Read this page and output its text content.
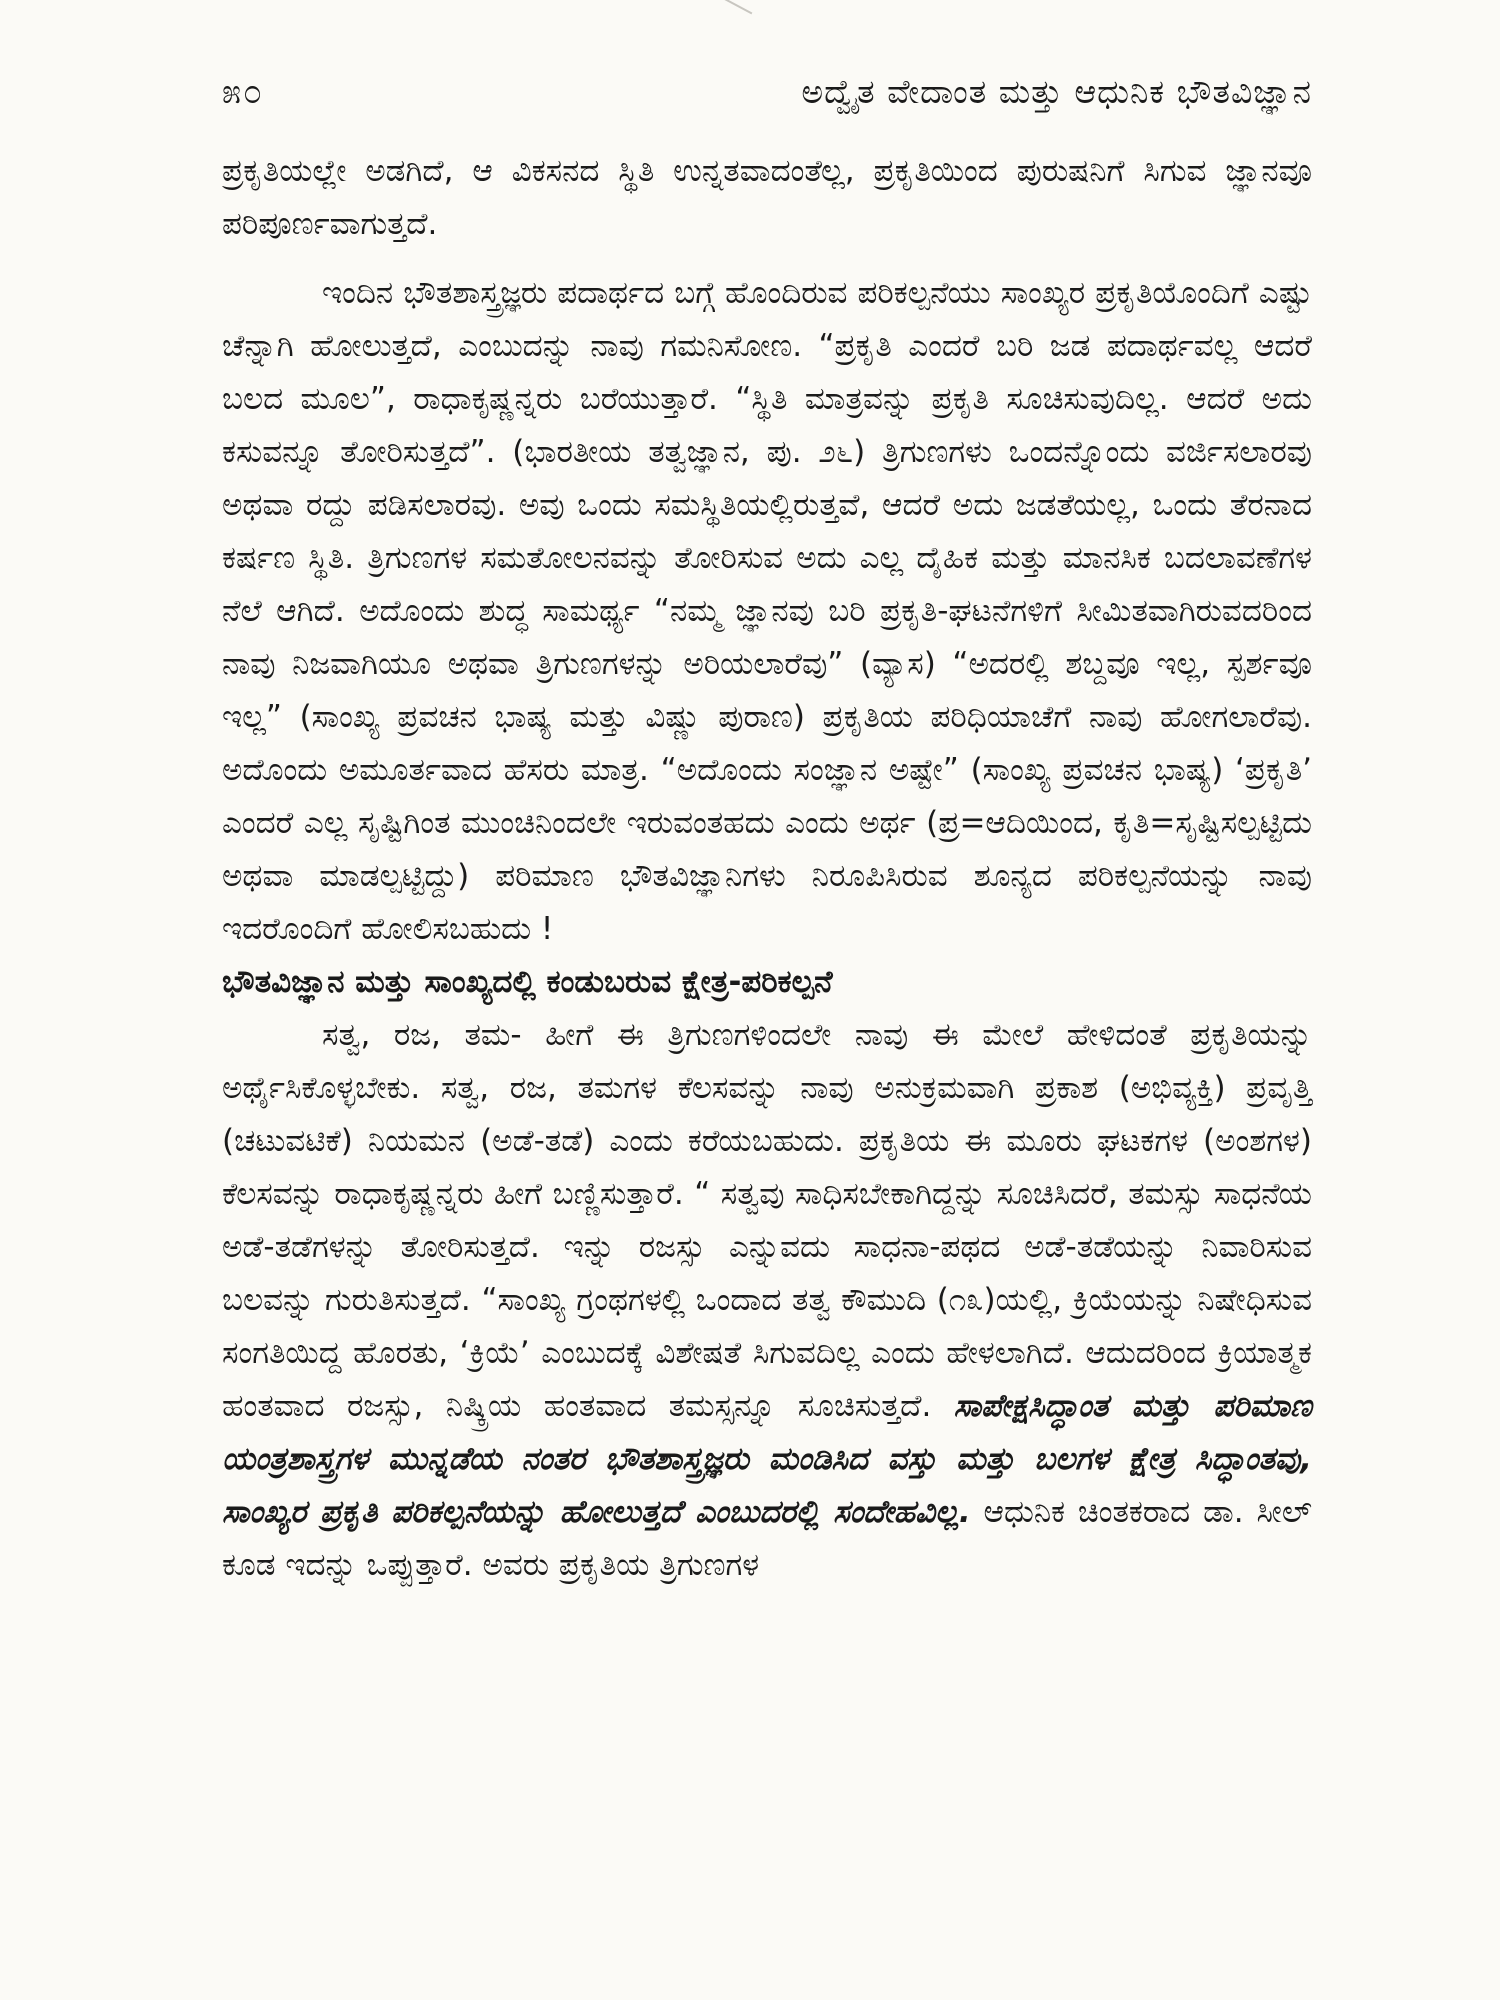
೫೦	ಅದ್ವೈತ ವೇದಾಂತ ಮತ್ತು ಆಧುನಿಕ ಭೌತವಿಜ್ಞಾನ

ಪ್ರಕೃತಿಯಲ್ಲೇ ಅಡಗಿದೆ, ಆ ವಿಕಸನದ ಸ್ಥಿತಿ ಉನ್ನತವಾದಂತೆಲ್ಲ, ಪ್ರಕೃತಿಯಿಂದ ಪುರುಷನಿಗೆ ಸಿಗುವ ಜ್ಞಾನವೂ ಪರಿಪೂರ್ಣವಾಗುತ್ತದೆ.

ಇಂದಿನ ಭೌತಶಾಸ್ತ್ರಜ್ಞರು ಪದಾರ್ಥದ ಬಗ್ಗೆ ಹೊಂದಿರುವ ಪರಿಕಲ್ಪನೆಯು ಸಾಂಖ್ಯರ ಪ್ರಕೃತಿಯೊಂದಿಗೆ ಎಷ್ಟು ಚೆನ್ನಾಗಿ ಹೋಲುತ್ತದೆ, ಎಂಬುದನ್ನು ನಾವು ಗಮನಿಸೋಣ. “ಪ್ರಕೃತಿ ಎಂದರೆ ಬರಿ ಜಡ ಪದಾರ್ಥವಲ್ಲ ಆದರೆ ಬಲದ ಮೂಲ”, ರಾಧಾಕೃಷ್ಣನ್ನರು ಬರೆಯುತ್ತಾರೆ. “ಸ್ಥಿತಿ ಮಾತ್ರವನ್ನು ಪ್ರಕೃತಿ ಸೂಚಿಸುವುದಿಲ್ಲ. ಆದರೆ ಅದು ಕಸುವನ್ನೂ ತೋರಿಸುತ್ತದೆ”. (ಭಾರತೀಯ ತತ್ವಜ್ಞಾನ, ಪು. ೨೬) ತ್ರಿಗುಣಗಳು ಒಂದನ್ನೊಂದು ವರ್ಜಿಸಲಾರವು ಅಥವಾ ರದ್ದು ಪಡಿಸಲಾರವು. ಅವು ಒಂದು ಸಮಸ್ಥಿತಿಯಲ್ಲಿರುತ್ತವೆ, ಆದರೆ ಅದು ಜಡತೆಯಲ್ಲ, ಒಂದು ತೆರನಾದ ಕರ್ಷಣ ಸ್ಥಿತಿ. ತ್ರಿಗುಣಗಳ ಸಮತೋಲನವನ್ನು ತೋರಿಸುವ ಅದು ಎಲ್ಲ ದೈಹಿಕ ಮತ್ತು ಮಾನಸಿಕ ಬದಲಾವಣೆಗಳ ನೆಲೆ ಆಗಿದೆ. ಅದೊಂದು ಶುದ್ಧ ಸಾಮರ್ಥ್ಯ “ನಮ್ಮ ಜ್ಞಾನವು ಬರಿ ಪ್ರಕೃತಿ-ಘಟನೆಗಳಿಗೆ ಸೀಮಿತವಾಗಿರುವದರಿಂದ ನಾವು ನಿಜವಾಗಿಯೂ ಅಥವಾ ತ್ರಿಗುಣಗಳನ್ನು ಅರಿಯಲಾರೆವು” (ವ್ಯಾಸ) “ಅದರಲ್ಲಿ ಶಬ್ದವೂ ಇಲ್ಲ, ಸ್ಪರ್ಶವೂ ಇಲ್ಲ” (ಸಾಂಖ್ಯ ಪ್ರವಚನ ಭಾಷ್ಯ ಮತ್ತು ವಿಷ್ಣು ಪುರಾಣ) ಪ್ರಕೃತಿಯ ಪರಿಧಿಯಾಚೆಗೆ ನಾವು ಹೋಗಲಾರೆವು. ಅದೊಂದು ಅಮೂರ್ತವಾದ ಹೆಸರು ಮಾತ್ರ. “ಅದೊಂದು ಸಂಜ್ಞಾನ ಅಷ್ಟೇ” (ಸಾಂಖ್ಯ ಪ್ರವಚನ ಭಾಷ್ಯ) ‘ಪ್ರಕೃತಿ’ ಎಂದರೆ ಎಲ್ಲ ಸೃಷ್ಟಿಗಿಂತ ಮುಂಚಿನಿಂದಲೇ ಇರುವಂತಹದು ಎಂದು ಅರ್ಥ (ಪ್ರ=ಆದಿಯಿಂದ, ಕೃತಿ=ಸೃಷ್ಟಿಸಲ್ಪಟ್ಟಿದು ಅಥವಾ ಮಾಡಲ್ಪಟ್ಟಿದ್ದು) ಪರಿಮಾಣ ಭೌತವಿಜ್ಞಾನಿಗಳು ನಿರೂಪಿಸಿರುವ ಶೂನ್ಯದ ಪರಿಕಲ್ಪನೆಯನ್ನು ನಾವು ಇದರೊಂದಿಗೆ ಹೋಲಿಸಬಹುದು !

ಭೌತವಿಜ್ಞಾನ ಮತ್ತು ಸಾಂಖ್ಯದಲ್ಲಿ ಕಂಡುಬರುವ ಕ್ಷೇತ್ರ-ಪರಿಕಲ್ಪನೆ

ಸತ್ವ, ರಜ, ತಮ- ಹೀಗೆ ಈ ತ್ರಿಗುಣಗಳಿಂದಲೇ ನಾವು ಈ ಮೇಲೆ ಹೇಳಿದಂತೆ ಪ್ರಕೃತಿಯನ್ನು ಅರ್ಥೈಸಿಕೊಳ್ಳಬೇಕು. ಸತ್ವ, ರಜ, ತಮಗಳ ಕೆಲಸವನ್ನು ನಾವು ಅನುಕ್ರಮವಾಗಿ ಪ್ರಕಾಶ (ಅಭಿವ್ಯಕ್ತಿ) ಪ್ರವೃತ್ತಿ (ಚಟುವಟಿಕೆ) ನಿಯಮನ (ಅಡೆ-ತಡೆ) ಎಂದು ಕರೆಯಬಹುದು. ಪ್ರಕೃತಿಯ ಈ ಮೂರು ಘಟಕಗಳ (ಅಂಶಗಳ) ಕೆಲಸವನ್ನು ರಾಧಾಕೃಷ್ಣನ್ನರು ಹೀಗೆ ಬಣ್ಣಿಸುತ್ತಾರೆ. “ ಸತ್ವವು ಸಾಧಿಸಬೇಕಾಗಿದ್ದನ್ನು ಸೂಚಿಸಿದರೆ, ತಮಸ್ಸು ಸಾಧನೆಯ ಅಡೆ-ತಡೆಗಳನ್ನು ತೋರಿಸುತ್ತದೆ. ಇನ್ನು ರಜಸ್ಸು ಎನ್ನುವದು ಸಾಧನಾ-ಪಥದ ಅಡೆ-ತಡೆಯನ್ನು ನಿವಾರಿಸುವ ಬಲವನ್ನು ಗುರುತಿಸುತ್ತದೆ. “ಸಾಂಖ್ಯ ಗ್ರಂಥಗಳಲ್ಲಿ ಒಂದಾದ ತತ್ವ ಕೌಮುದಿ (೧೩)ಯಲ್ಲಿ, ಕ್ರಿಯೆಯನ್ನು ನಿಷೇಧಿಸುವ ಸಂಗತಿಯಿದ್ದ ಹೊರತು, ‘ಕ್ರಿಯೆ’ ಎಂಬುದಕ್ಕೆ ವಿಶೇಷತೆ ಸಿಗುವದಿಲ್ಲ ಎಂದು ಹೇಳಲಾಗಿದೆ. ಆದುದರಿಂದ ಕ್ರಿಯಾತ್ಮಕ ಹಂತವಾದ ರಜಸ್ಸು, ನಿಷ್ಕ್ರಿಯ ಹಂತವಾದ ತಮಸ್ಸನ್ನೂ ಸೂಚಿಸುತ್ತದೆ. ಸಾಪೇಕ್ಷಸಿದ್ಧಾಂತ ಮತ್ತು ಪರಿಮಾಣ ಯಂತ್ರಶಾಸ್ತ್ರಗಳ ಮುನ್ನಡೆಯ ನಂತರ ಭೌತಶಾಸ್ತ್ರಜ್ಞರು ಮಂಡಿಸಿದ ವಸ್ತು ಮತ್ತು ಬಲಗಳ ಕ್ಷೇತ್ರ ಸಿದ್ಧಾಂತವು, ಸಾಂಖ್ಯರ ಪ್ರಕೃತಿ ಪರಿಕಲ್ಪನೆಯನ್ನು ಹೋಲುತ್ತದೆ ಎಂಬುದರಲ್ಲಿ ಸಂದೇಹವಿಲ್ಲ. ಆಧುನಿಕ ಚಿಂತಕರಾದ ಡಾ. ಸೀಲ್ ಕೂಡ ಇದನ್ನು ಒಪ್ಪುತ್ತಾರೆ. ಅವರು ಪ್ರಕೃತಿಯ ತ್ರಿಗುಣಗಳ
